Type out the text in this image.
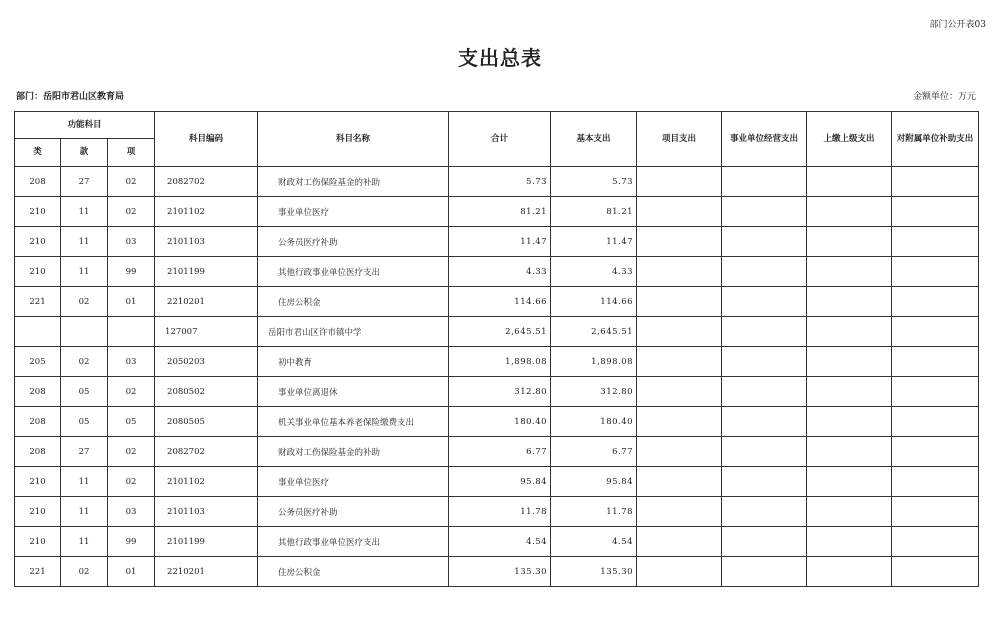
部门公开表03
支出总表
部门：岳阳市君山区教育局	金额单位：万元
功能科目			科目编码	科目名称	合计	基本支出	项目支出	事业单位经营支出	上缴上级支出	对附属单位补助支出
类	款	项								
208	27	02	2082702	财政对工伤保险基金的补助	5.73	5.73				
210	11	02	2101102	事业单位医疗	81.21	81.21				
210	11	03	2101103	公务员医疗补助	11.47	11.47				
210	11	99	2101199	其他行政事业单位医疗支出	4.33	4.33				
221	02	01	2210201	住房公积金	114.66	114.66				
			127007	岳阳市君山区许市镇中学	2,645.51	2,645.51				
205	02	03	2050203	初中教育	1,898.08	1,898.08				
208	05	02	2080502	事业单位离退休	312.80	312.80				
208	05	05	2080505	机关事业单位基本养老保险缴费支出	180.40	180.40				
208	27	02	2082702	财政对工伤保险基金的补助	6.77	6.77				
210	11	02	2101102	事业单位医疗	95.84	95.84				
210	11	03	2101103	公务员医疗补助	11.78	11.78				
210	11	99	2101199	其他行政事业单位医疗支出	4.54	4.54				
221	02	01	2210201	住房公积金	135.30	135.30				
